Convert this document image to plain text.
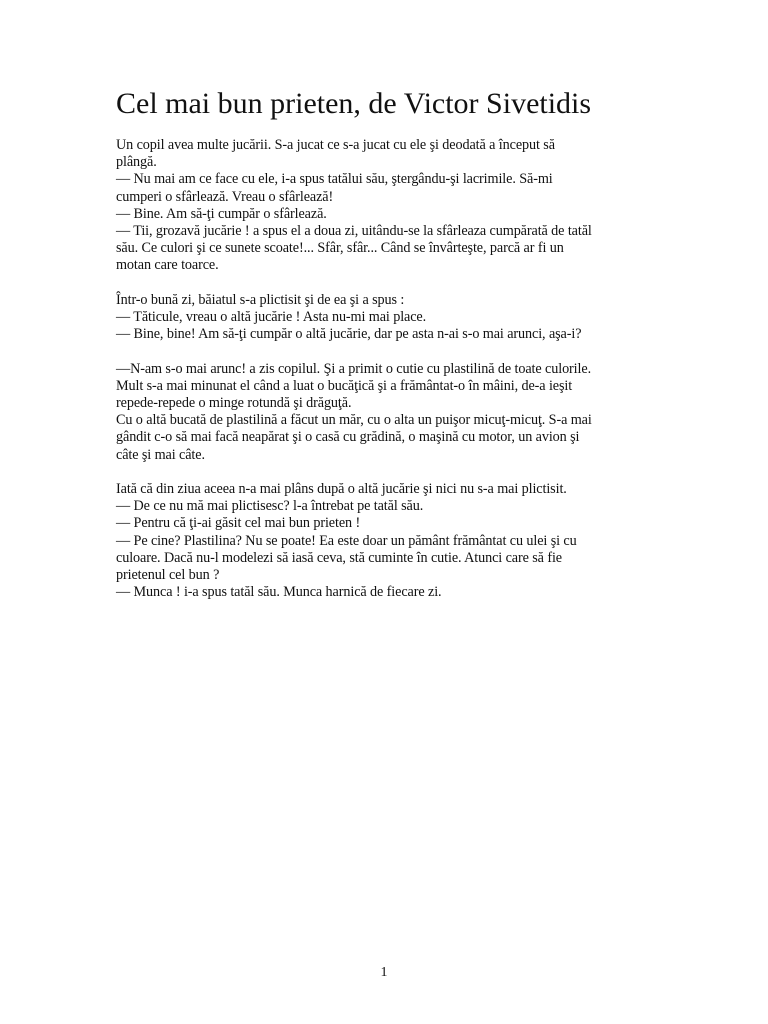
Cel mai bun prieten, de Victor Sivetidis

Un copil avea multe jucării. S-a jucat ce s-a jucat cu ele şi deodată a început să
plângă.
— Nu mai am ce face cu ele, i-a spus tatălui său, ştergându-şi lacrimile. Să-mi
cumperi o sfârlează. Vreau o sfârlează!
— Bine. Am să-ţi cumpăr o sfârlează.
— Tii, grozavă jucărie ! a spus el a doua zi, uitându-se la sfârleaza cumpărată de tatăl
său. Ce culori şi ce sunete scoate!... Sfâr, sfâr... Când se învârteşte, parcă ar fi un
motan care toarce.

Într-o bună zi, băiatul s-a plictisit şi de ea şi a spus :
— Tăticule, vreau o altă jucărie ! Asta nu-mi mai place.
— Bine, bine! Am să-ţi cumpăr o altă jucărie, dar pe asta n-ai s-o mai arunci, aşa-i?

—N-am s-o mai arunc! a zis copilul. Şi a primit o cutie cu plastilină de toate culorile.
Mult s-a mai minunat el când a luat o bucăţică şi a frământat-o în mâini, de-a ieşit
repede-repede o minge rotundă şi drăguţă.
Cu o altă bucată de plastilină a făcut un măr, cu o alta un puişor micuţ-micuţ. S-a mai
gândit c-o să mai facă neapărat şi o casă cu grădină, o maşină cu motor, un avion şi
câte şi mai câte.

Iată că din ziua aceea n-a mai plâns după o altă jucărie şi nici nu s-a mai plictisit.
— De ce nu mă mai plictisesc? l-a întrebat pe tatăl său.
— Pentru că ţi-ai găsit cel mai bun prieten !
— Pe cine? Plastilina? Nu se poate! Ea este doar un pământ frământat cu ulei şi cu
culoare. Dacă nu-l modelezi să iasă ceva, stă cuminte în cutie. Atunci care să fie
prietenul cel bun ?
— Munca ! i-a spus tatăl său. Munca harnică de fiecare zi.

1
